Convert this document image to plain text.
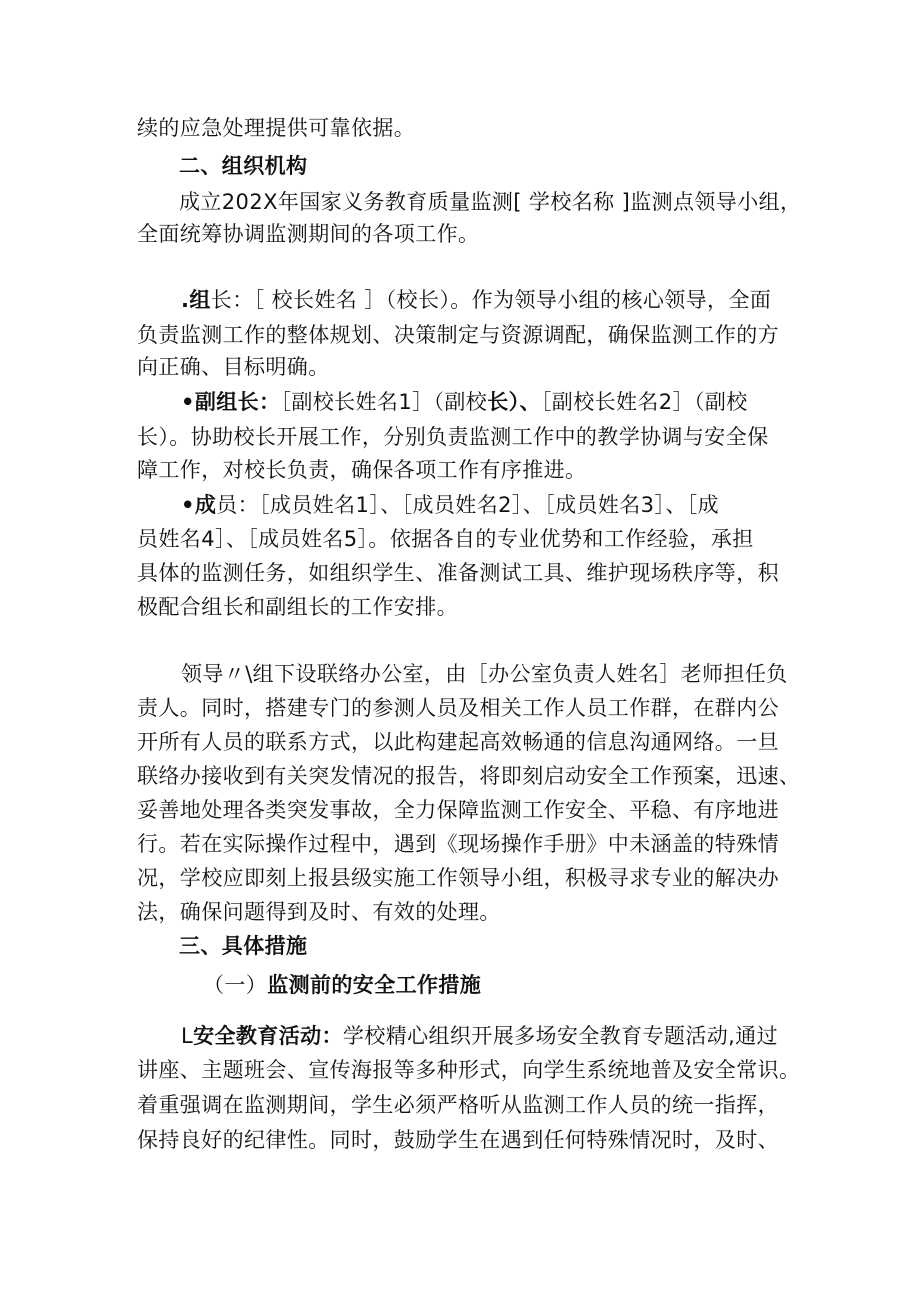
续的应急处理提供可靠依据。
二、组织机构
成立202X年国家义务教育质量监测[ 学校名称 ]监测点领导小组，
全面统筹协调监测期间的各项工作。
.组长：［ 校长姓名 ］（校长）。作为领导小组的核心领导，全面
负责监测工作的整体规划、决策制定与资源调配，确保监测工作的方
向正确、目标明确。
•副组长：［副校长姓名1］（副校长）、［副校长姓名2］（副校
长）。协助校长开展工作，分别负责监测工作中的教学协调与安全保
障工作，对校长负责，确保各项工作有序推进。
•成员：［成员姓名1］、［成员姓名2］、［成员姓名3］、［成
员姓名4］、［成员姓名5］。依据各自的专业优势和工作经验，承担
具体的监测任务，如组织学生、准备测试工具、维护现场秩序等，积
极配合组长和副组长的工作安排。
领导〃\组下设联络办公室，由［办公室负责人姓名］老师担任负
责人。同时，搭建专门的参测人员及相关工作人员工作群，在群内公
开所有人员的联系方式，以此构建起高效畅通的信息沟通网络。一旦
联络办接收到有关突发情况的报告，将即刻启动安全工作预案，迅速、
妥善地处理各类突发事故，全力保障监测工作安全、平稳、有序地进
行。若在实际操作过程中，遇到《现场操作手册》中未涵盖的特殊情
况，学校应即刻上报县级实施工作领导小组，积极寻求专业的解决办
法，确保问题得到及时、有效的处理。
三、具体措施
（一）监测前的安全工作措施
L安全教育活动：学校精心组织开展多场安全教育专题活动,通过
讲座、主题班会、宣传海报等多种形式，向学生系统地普及安全常识。
着重强调在监测期间，学生必须严格听从监测工作人员的统一指挥，
保持良好的纪律性。同时，鼓励学生在遇到任何特殊情况时，及时、
